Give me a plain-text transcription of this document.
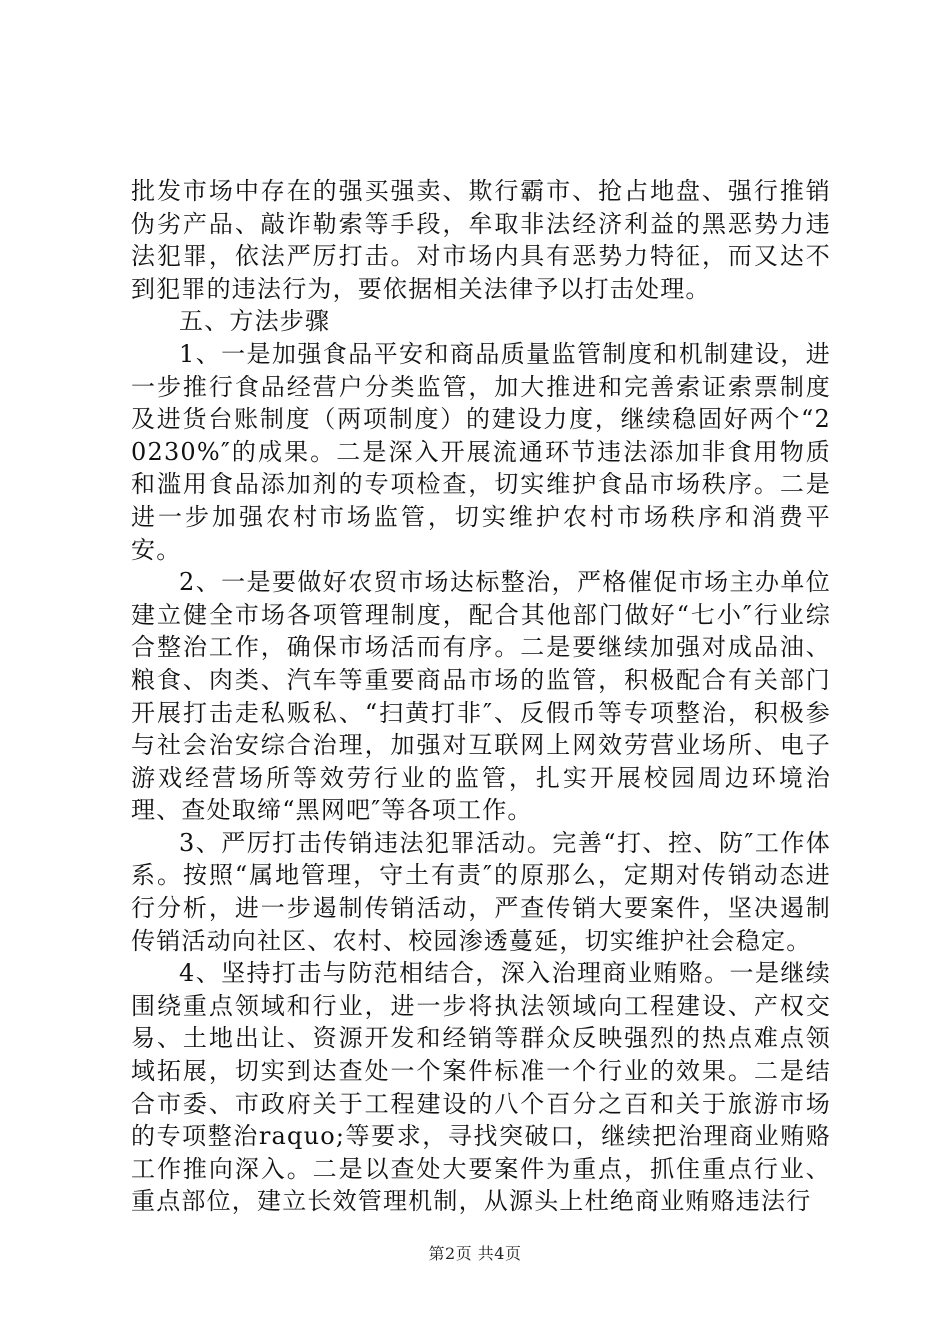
批发市场中存在的强买强卖、欺行霸市、抢占地盘、强行推销伪劣产品、敲诈勒索等手段，牟取非法经济利益的黑恶势力违法犯罪，依法严厉打击。对市场内具有恶势力特征，而又达不到犯罪的违法行为，要依据相关法律予以打击处理。

五、方法步骤

1、一是加强食品平安和商品质量监管制度和机制建设，进一步推行食品经营户分类监管，加大推进和完善索证索票制度及进货台账制度（两项制度）的建设力度，继续稳固好两个“20230%″的成果。二是深入开展流通环节违法添加非食用物质和滥用食品添加剂的专项检查，切实维护食品市场秩序。二是进一步加强农村市场监管，切实维护农村市场秩序和消费平安。

2、一是要做好农贸市场达标整治，严格催促市场主办单位建立健全市场各项管理制度，配合其他部门做好“七小″行业综合整治工作，确保市场活而有序。二是要继续加强对成品油、粮食、肉类、汽车等重要商品市场的监管，积极配合有关部门开展打击走私贩私、“扫黄打非″、反假币等专项整治，积极参与社会治安综合治理，加强对互联网上网效劳营业场所、电子游戏经营场所等效劳行业的监管，扎实开展校园周边环境治理、查处取缔“黑网吧″等各项工作。

3、严厉打击传销违法犯罪活动。完善“打、控、防″工作体系。按照“属地管理，守土有责″的原那么，定期对传销动态进行分析，进一步遏制传销活动，严查传销大要案件，坚决遏制传销活动向社区、农村、校园渗透蔓延，切实维护社会稳定。

4、坚持打击与防范相结合，深入治理商业贿赂。一是继续围绕重点领域和行业，进一步将执法领域向工程建设、产权交易、土地出让、资源开发和经销等群众反映强烈的热点难点领域拓展，切实到达查处一个案件标准一个行业的效果。二是结合市委、市政府关于工程建设的八个百分之百和关于旅游市场的专项整治raquo;等要求，寻找突破口，继续把治理商业贿赂工作推向深入。二是以查处大要案件为重点，抓住重点行业、重点部位，建立长效管理机制，从源头上杜绝商业贿赂违法行

第2页 共4页
